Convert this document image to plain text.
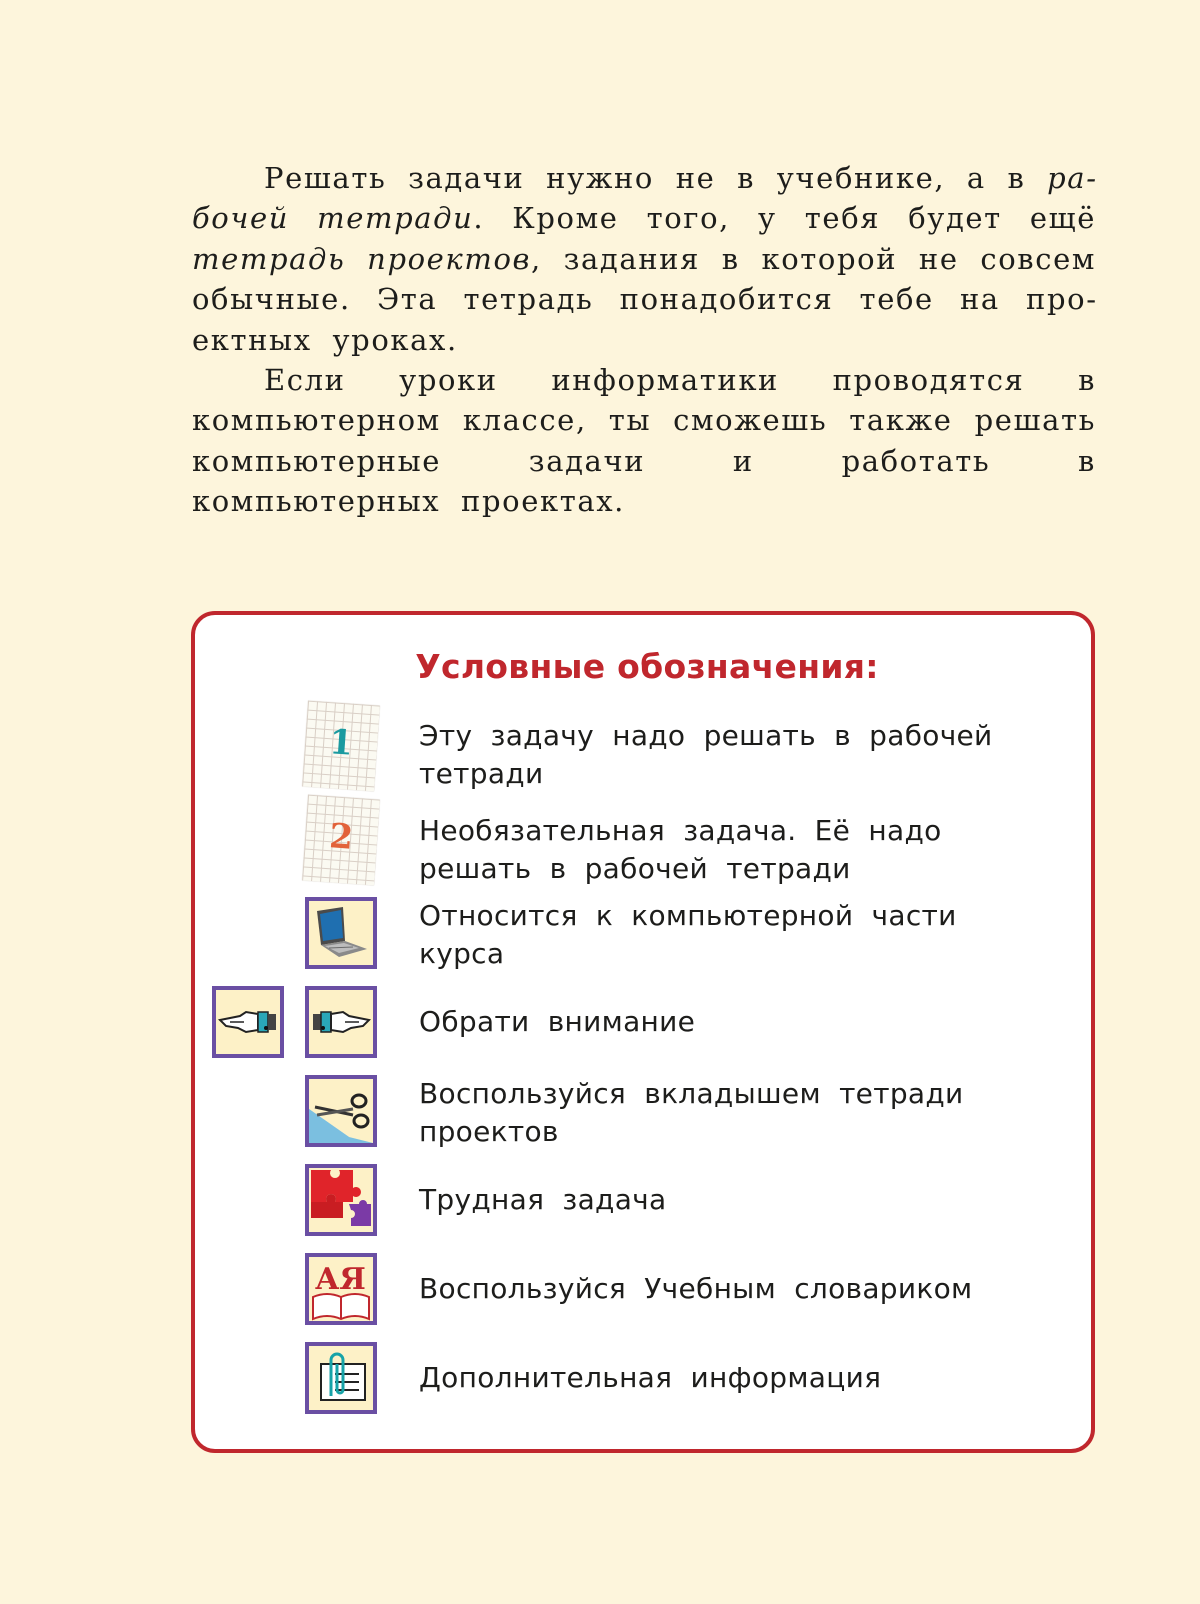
Решать задачи нужно не в учебнике, а в рабочей тетради. Кроме того, у тебя будет ещё тетрадь проектов, задания в которой не совсем обычные. Эта тетрадь понадобится тебе на проектных уроках.

Если уроки информатики проводятся в компьютерном классе, ты сможешь также решать компьютерные задачи и работать в компьютерных проектах.

Условные обозначения:
1	Эту задачу надо решать в рабочей тетради
2	Необязательная задача. Её надо решать в рабочей тетради
Относится к компьютерной части курса
Обрати внимание
Воспользуйся вкладышем тетради проектов
Трудная задача
АЯ Воспользуйся Учебным словариком
Дополнительная информация
